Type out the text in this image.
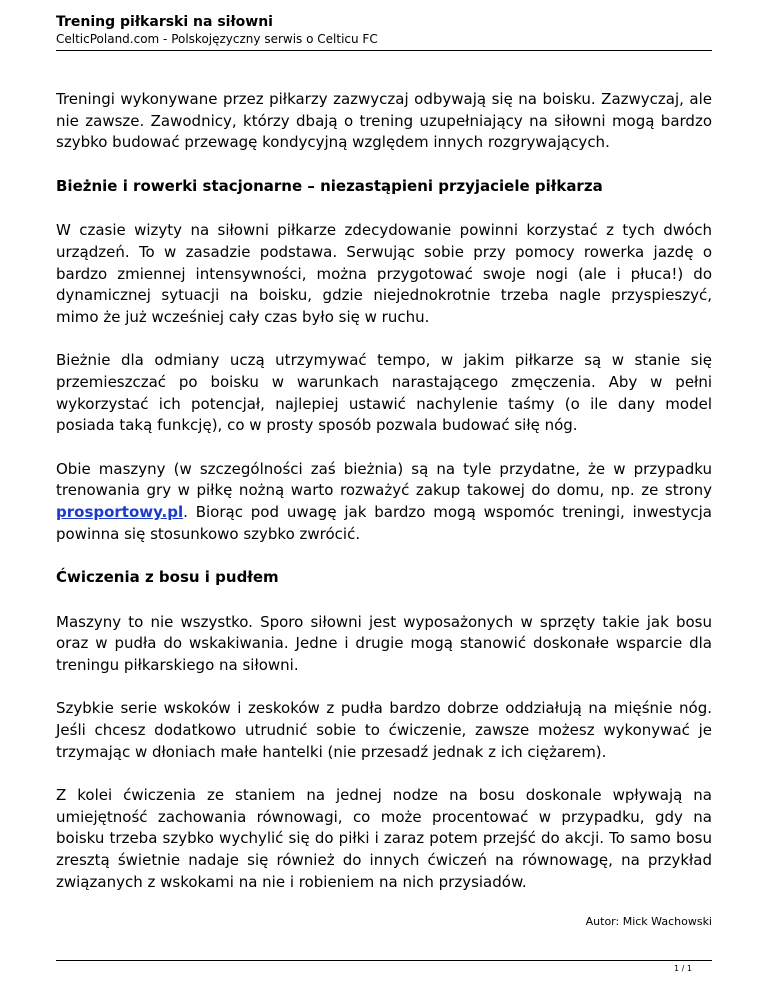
Trening piłkarski na siłowni

CelticPoland.com - Polskojęzyczny serwis o Celticu FC

Treningi wykonywane przez piłkarzy zazwyczaj odbywają się na boisku. Zazwyczaj, ale nie zawsze. Zawodnicy, którzy dbają o trening uzupełniający na siłowni mogą bardzo szybko budować przewagę kondycyjną względem innych rozgrywających.

Bieżnie i rowerki stacjonarne – niezastąpieni przyjaciele piłkarza

W czasie wizyty na siłowni piłkarze zdecydowanie powinni korzystać z tych dwóch urządzeń. To w zasadzie podstawa. Serwując sobie przy pomocy rowerka jazdę o bardzo zmiennej intensywności, można przygotować swoje nogi (ale i płuca!) do dynamicznej sytuacji na boisku, gdzie niejednokrotnie trzeba nagle przyspieszyć, mimo że już wcześniej cały czas było się w ruchu.

Bieżnie dla odmiany uczą utrzymywać tempo, w jakim piłkarze są w stanie się przemieszczać po boisku w warunkach narastającego zmęczenia. Aby w pełni wykorzystać ich potencjał, najlepiej ustawić nachylenie taśmy (o ile dany model posiada taką funkcję), co w prosty sposób pozwala budować siłę nóg.

Obie maszyny (w szczególności zaś bieżnia) są na tyle przydatne, że w przypadku trenowania gry w piłkę nożną warto rozważyć zakup takowej do domu, np. ze strony prosportowy.pl. Biorąc pod uwagę jak bardzo mogą wspomóc treningi, inwestycja powinna się stosunkowo szybko zwrócić.

Ćwiczenia z bosu i pudłem

Maszyny to nie wszystko. Sporo siłowni jest wyposażonych w sprzęty takie jak bosu oraz w pudła do wskakiwania. Jedne i drugie mogą stanowić doskonałe wsparcie dla treningu piłkarskiego na siłowni.

Szybkie serie wskoków i zeskoków z pudła bardzo dobrze oddziałują na mięśnie nóg. Jeśli chcesz dodatkowo utrudnić sobie to ćwiczenie, zawsze możesz wykonywać je trzymając w dłoniach małe hantelki (nie przesadź jednak z ich ciężarem).

Z kolei ćwiczenia ze staniem na jednej nodze na bosu doskonale wpływają na umiejętność zachowania równowagi, co może procentować w przypadku, gdy na boisku trzeba szybko wychylić się do piłki i zaraz potem przejść do akcji. To samo bosu zresztą świetnie nadaje się również do innych ćwiczeń na równowagę, na przykład związanych z wskokami na nie i robieniem na nich przysiadów.

Autor: Mick Wachowski

1 / 1
